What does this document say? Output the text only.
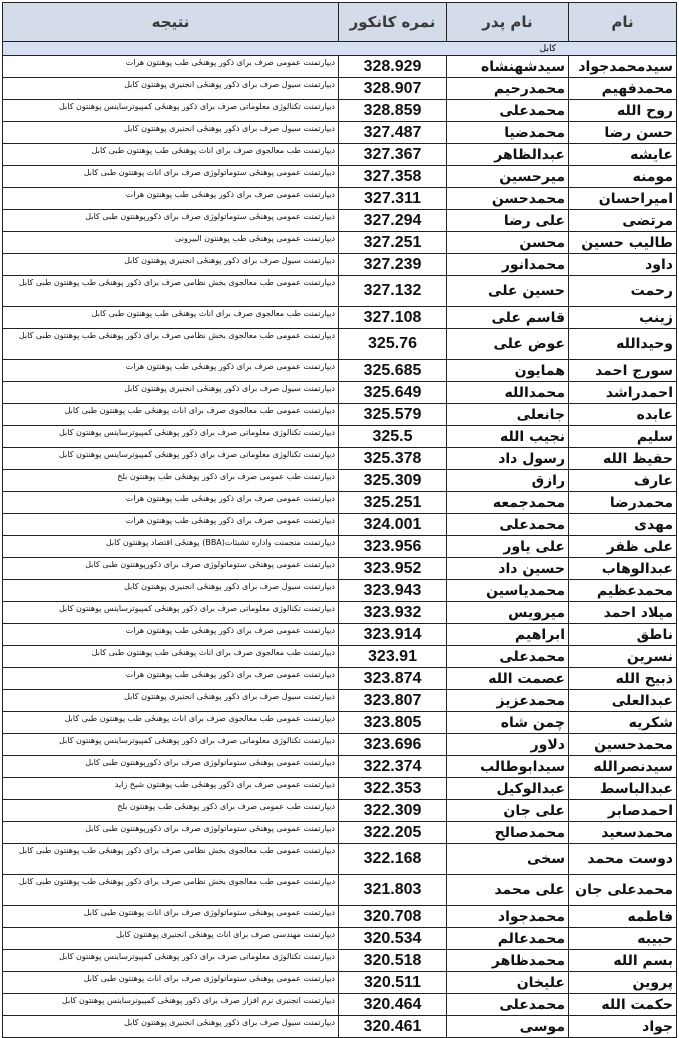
نام	نام پدر	نمره کانکور	نتیجه
کابل			
سیدمحمدجواد	سیدشهنشاه	328.929	دیپارتمنت عمومی صرف برای ذکور پوهنځی طب پوهنتون هرات
محمدفهیم	محمدرحیم	328.907	دیپارتمنت سیول صرف برای ذکور پوهنځی انجنیری پوهنتون کابل
روح الله	محمدعلی	328.859	دیپارتمنت تکنالوژی معلوماتی صرف برای ذکور پوهنځی کمپیوترساینس پوهنتون کابل
حسن رضا	محمدضیا	327.487	دیپارتمنت سیول صرف برای ذکور پوهنځی انجنیری پوهنتون کابل
عایشه	عبدالظاهر	327.367	دیپارتمنت طب معالجوی صرف برای اناث پوهنځی طب پوهنتون طبی کابل
مومنه	میرحسین	327.358	دیپارتمنت عمومی پوهنځی ستوماتولوژی صرف برای اناث پوهنتون طبی کابل
امیراحسان	محمدحسن	327.311	دیپارتمنت عمومی صرف برای ذکور پوهنځی طب پوهنتون هرات
مرتضی	علی رضا	327.294	دیپارتمنت عمومی پوهنځی ستوماتولوژی صرف برای ذکورپوهنتون طبی کابل
طالیب حسین	محسن	327.251	دیپارتمنت عمومی پوهنځی طب پوهنتون البیرونی
داود	محمدانور	327.239	دیپارتمنت سیول صرف برای ذکور پوهنځی انجنیری پوهنتون کابل
رحمت	حسین علی	327.132	دیپارتمنت عمومی طب معالجوی بخش نظامی صرف برای ذکور پوهنځی طب پوهنتون طبی کابل
زینب	قاسم علی	327.108	دیپارتمنت طب معالجوی صرف برای اناث پوهنځی طب پوهنتون طبی کابل
وحیدالله	عوض علی	325.76	دیپارتمنت عمومی طب معالجوی بخش نظامی صرف برای ذکور پوهنځی طب پوهنتون طبی کابل
سورج احمد	همایون	325.685	دیپارتمنت عمومی صرف برای ذکور پوهنځی طب پوهنتون هرات
احمدراشد	محمدالله	325.649	دیپارتمنت سیول صرف برای ذکور پوهنځی انجنیری پوهنتون کابل
عابده	جانعلی	325.579	دیپارتمنت عمومی طب معالجوی صرف برای اناث پوهنځی طب پوهنتون طبی کابل
سلیم	نجیب الله	325.5	دیپارتمنت تکنالوژی معلوماتی صرف برای ذکور پوهنځی کمپیوترساینس پوهنتون کابل
حفیظ الله	رسول داد	325.378	دیپارتمنت تکنالوژی معلوماتی صرف برای ذکور پوهنځی کمپیوترساینس پوهنتون کابل
عارف	رازق	325.309	دیپارتمنت طب عمومی صرف برای ذکور پوهنځی طب پوهنتون بلخ
محمدرضا	محمدجمعه	325.251	دیپارتمنت عمومی صرف برای ذکور پوهنځی طب پوهنتون هرات
مهدی	محمدعلی	324.001	دیپارتمنت عمومی صرف برای ذکور پوهنځی طب پوهنتون هرات
علی ظفر	علی یاور	323.956	دیپارتمنت منجمنت واداره تشبثات(BBA) پوهنځی اقتصاد پوهنتون کابل
عبدالوهاب	حسین داد	323.952	دیپارتمنت عمومی پوهنځی ستوماتولوژی صرف برای ذکورپوهنتون طبی کابل
محمدعظیم	محمدیاسین	323.943	دیپارتمنت سیول صرف برای ذکور پوهنځی انجنیری پوهنتون کابل
میلاد احمد	میرویس	323.932	دیپارتمنت تکنالوژی معلوماتی صرف برای ذکور پوهنځی کمپیوترساینس پوهنتون کابل
ناطق	ابراهیم	323.914	دیپارتمنت عمومی صرف برای ذکور پوهنځی طب پوهنتون هرات
نسرین	محمدعلی	323.91	دیپارتمنت طب معالجوی صرف برای اناث پوهنځی طب پوهنتون طبی کابل
ذبیح الله	عصمت الله	323.874	دیپارتمنت عمومی صرف برای ذکور پوهنځی طب پوهنتون هرات
عبدالعلی	محمدعزیز	323.807	دیپارتمنت سیول صرف برای ذکور پوهنځی انجنیری پوهنتون کابل
شکریه	چمن شاه	323.805	دیپارتمنت عمومی طب معالجوی صرف برای اناث پوهنځی طب پوهنتون طبی کابل
محمدحسین	دلاور	323.696	دیپارتمنت تکنالوژی معلوماتی صرف برای ذکور پوهنځی کمپیوترساینس پوهنتون کابل
سیدنصرالله	سیدابوطالب	322.374	دیپارتمنت عمومی پوهنځی ستوماتولوژی صرف برای ذکورپوهنتون طبی کابل
عبدالباسط	عبدالوکیل	322.353	دیپارتمنت عمومی صرف برای ذکور پوهنځی طب پوهنتون شیخ زاید
احمدصابر	علی جان	322.309	دیپارتمنت طب عمومی صرف برای ذکور پوهنځی طب پوهنتون بلخ
محمدسعید	محمدصالح	322.205	دیپارتمنت عمومی پوهنځی ستوماتولوژی صرف برای ذکورپوهنتون طبی کابل
دوست محمد	سخی	322.168	دیپارتمنت عمومی طب معالجوی بخش نظامی صرف برای ذکور پوهنځی طب پوهنتون طبی کابل
محمدعلی جان	علی محمد	321.803	دیپارتمنت عمومی طب معالجوی بخش نظامی صرف برای ذکور پوهنځی طب پوهنتون طبی کابل
فاطمه	محمدجواد	320.708	دیپارتمنت عمومی پوهنځی ستوماتولوژی صرف برای اناث پوهنتون طبی کابل
حبیبه	محمدعالم	320.534	دیپارتمنت مهندسی صرف برای اناث پوهنځی انجنیری پوهنتون کابل
بسم الله	محمدظاهر	320.518	دیپارتمنت تکنالوژی معلوماتی صرف برای ذکور پوهنځی کمپیوترساینس پوهنتون کابل
پروین	علیخان	320.511	دیپارتمنت عمومی پوهنځی ستوماتولوژی صرف برای اناث پوهنتون طبی کابل
حکمت الله	محمدعلی	320.464	دیپارتمنت انجنیری نرم افزار صرف برای ذکور پوهنځی کمپیوترساینس پوهنتون کابل
جواد	موسی	320.461	دیپارتمنت سیول صرف برای ذکور پوهنځی انجنیری پوهنتون کابل
